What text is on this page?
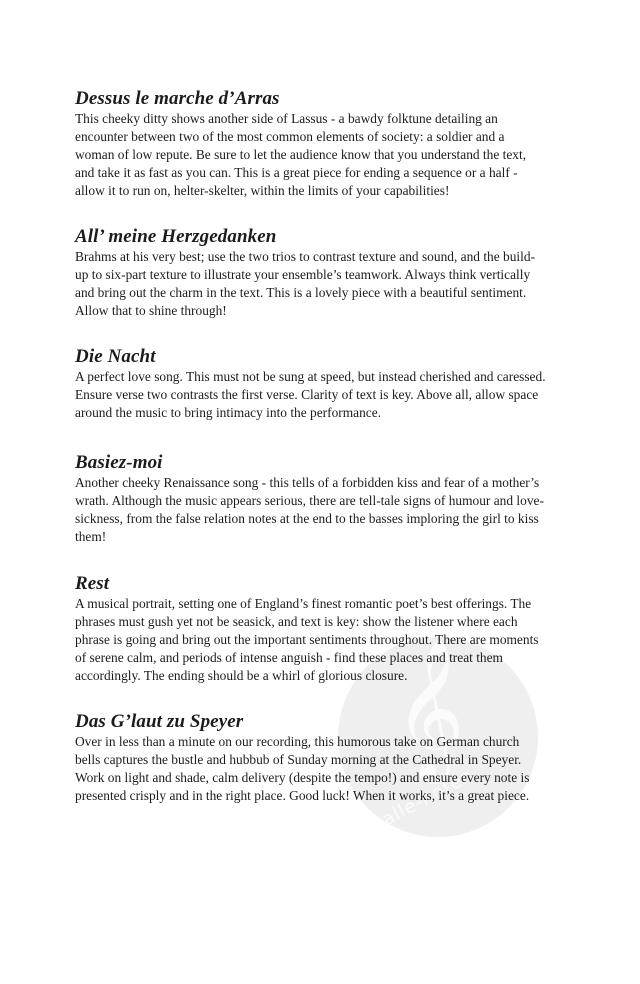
𝄞
alle-noten
Dessus le marche d’Arras
This cheeky ditty shows another side of Lassus - a bawdy folktune detailing an
encounter between two of the most common elements of society: a soldier and a
woman of low repute. Be sure to let the audience know that you understand the text,
and take it as fast as you can. This is a great piece for ending a sequence or a half -
allow it to run on, helter-skelter, within the limits of your capabilities!
All’ meine Herzgedanken
Brahms at his very best; use the two trios to contrast texture and sound, and the build-
up to six-part texture to illustrate your ensemble’s teamwork. Always think vertically
and bring out the charm in the text. This is a lovely piece with a beautiful sentiment.
Allow that to shine through!
Die Nacht
A perfect love song. This must not be sung at speed, but instead cherished and caressed.
Ensure verse two contrasts the first verse. Clarity of text is key. Above all, allow space
around the music to bring intimacy into the performance.
Basiez-moi
Another cheeky Renaissance song - this tells of a forbidden kiss and fear of a mother’s
wrath. Although the music appears serious, there are tell-tale signs of humour and love-
sickness, from the false relation notes at the end to the basses imploring the girl to kiss
them!
Rest
A musical portrait, setting one of England’s finest romantic poet’s best offerings. The
phrases must gush yet not be seasick, and text is key: show the listener where each
phrase is going and bring out the important sentiments throughout. There are moments
of serene calm, and periods of intense anguish - find these places and treat them
accordingly. The ending should be a whirl of glorious closure.
Das G’laut zu Speyer
Over in less than a minute on our recording, this humorous take on German church
bells captures the bustle and hubbub of Sunday morning at the Cathedral in Speyer.
Work on light and shade, calm delivery (despite the tempo!) and ensure every note is
presented crisply and in the right place. Good luck! When it works, it’s a great piece.
